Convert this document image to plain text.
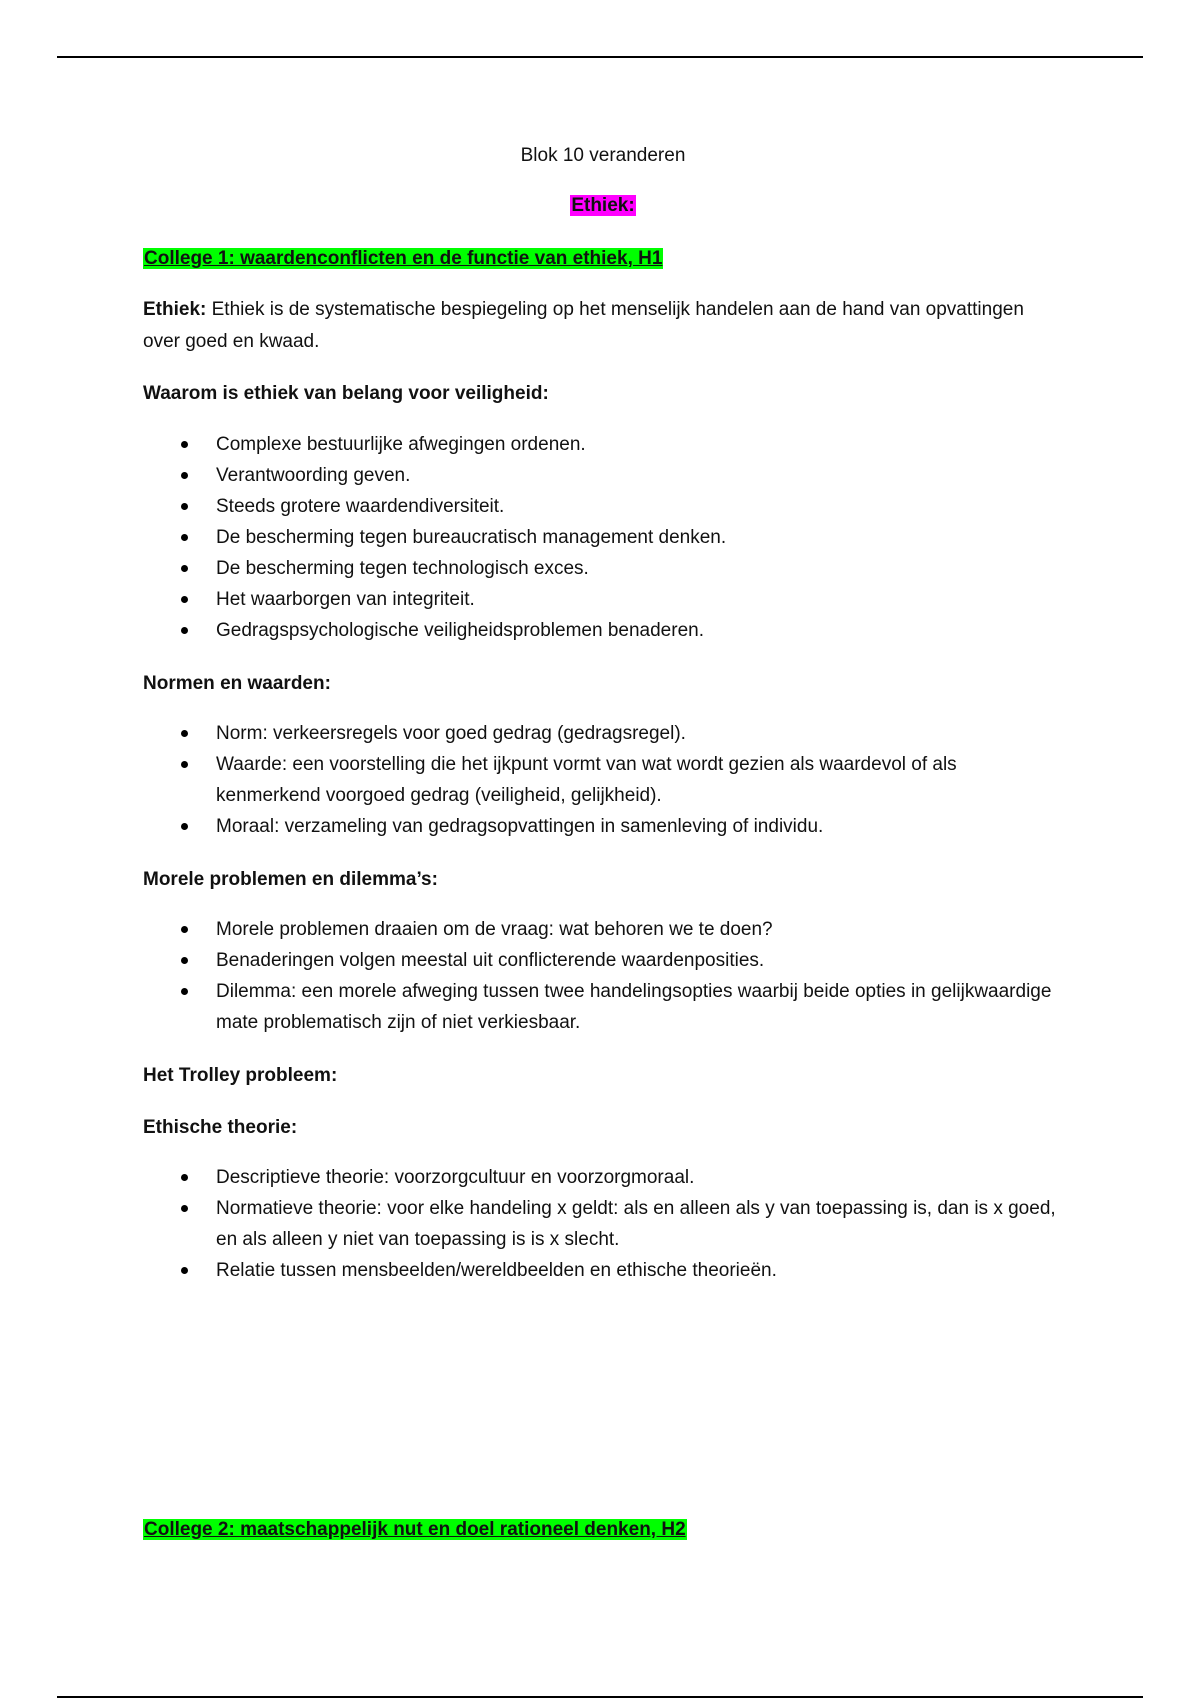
Blok 10 veranderen
Ethiek:
College 1: waardenconflicten en de functie van ethiek, H1
Ethiek: Ethiek is de systematische bespiegeling op het menselijk handelen aan de hand van opvattingen over goed en kwaad.
Waarom is ethiek van belang voor veiligheid:
Complexe bestuurlijke afwegingen ordenen.
Verantwoording geven.
Steeds grotere waardendiversiteit.
De bescherming tegen bureaucratisch management denken.
De bescherming tegen technologisch exces.
Het waarborgen van integriteit.
Gedragspsychologische veiligheidsproblemen benaderen.
Normen en waarden:
Norm: verkeersregels voor goed gedrag (gedragsregel).
Waarde: een voorstelling die het ijkpunt vormt van wat wordt gezien als waardevol of als kenmerkend voorgoed gedrag (veiligheid, gelijkheid).
Moraal: verzameling van gedragsopvattingen in samenleving of individu.
Morele problemen en dilemma’s:
Morele problemen draaien om de vraag: wat behoren we te doen?
Benaderingen volgen meestal uit conflicterende waardenposities.
Dilemma: een morele afweging tussen twee handelingsopties waarbij beide opties in gelijkwaardige mate problematisch zijn of niet verkiesbaar.
Het Trolley probleem:
Ethische theorie:
Descriptieve theorie: voorzorgcultuur en voorzorgmoraal.
Normatieve theorie: voor elke handeling x geldt: als en alleen als y van toepassing is, dan is x goed, en als alleen y niet van toepassing is is x slecht.
Relatie tussen mensbeelden/wereldbeelden en ethische theorieën.
College 2: maatschappelijk nut en doel rationeel denken, H2
